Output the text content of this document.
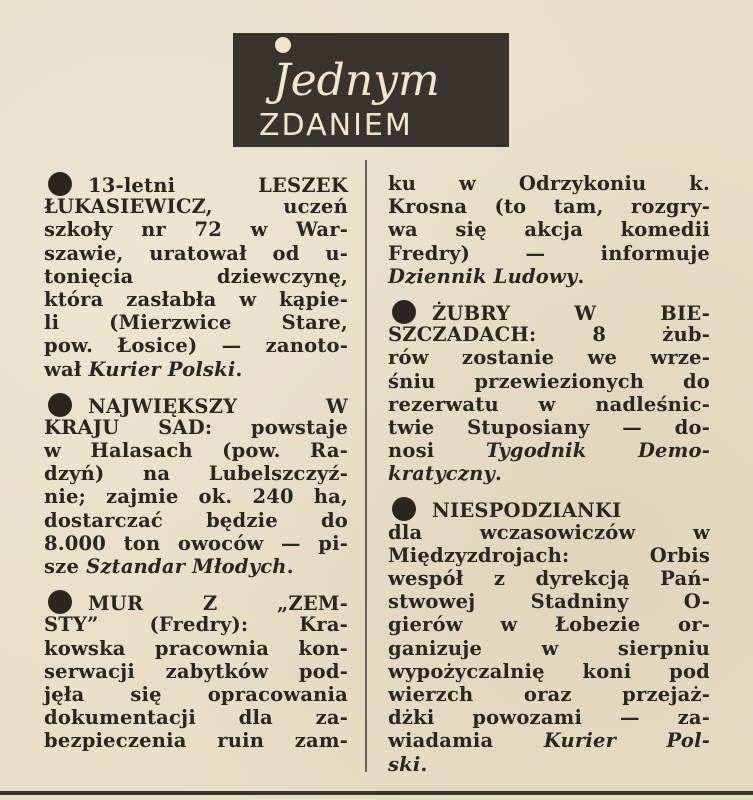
Jednym
ZDANIEM
13-letni LESZEK
ŁUKASIEWICZ, uczeń
szkoły nr 72 w War-
szawie, uratował od u-
tonięcia dziewczynę,
która zasłabła w kąpie-
li (Mierzwice Stare,
pow. Łosice) — zanoto-
wał Kurier Polski.
NAJWIĘKSZY W
KRAJU SAD: powstaje
w Halasach (pow. Ra-
dzyń) na Lubelszczyź-
nie; zajmie ok. 240 ha,
dostarczać będzie do
8.000 ton owoców — pi-
sze Sztandar Młodych.
MUR Z „ZEM-
STY” (Fredry): Kra-
kowska pracownia kon-
serwacji zabytków pod-
jęła się opracowania
dokumentacji dla za-
bezpieczenia ruin zam-
ku w Odrzykoniu k.
Krosna (to tam, rozgry-
wa się akcja komedii
Fredry) — informuje
Dziennik Ludowy.
ŻUBRY W BIE-
SZCZADACH: 8 żub-
rów zostanie we wrze-
śniu przewiezionych do
rezerwatu w nadleśnic-
twie Stuposiany — do-
nosi	Tygodnik Demo-
kratyczny.
NIESPODZIANKI
dla wczasowiczów w
Międzyzdrojach: Orbis
wespół z dyrekcją Pań-
stwowej Stadniny O-
gierów w Łobezie or-
ganizuje w sierpniu
wypożyczalnię koni pod
wierzch oraz przejaż-
dżki powozami — za-
wiadamia	Kurier Pol-
ski.
